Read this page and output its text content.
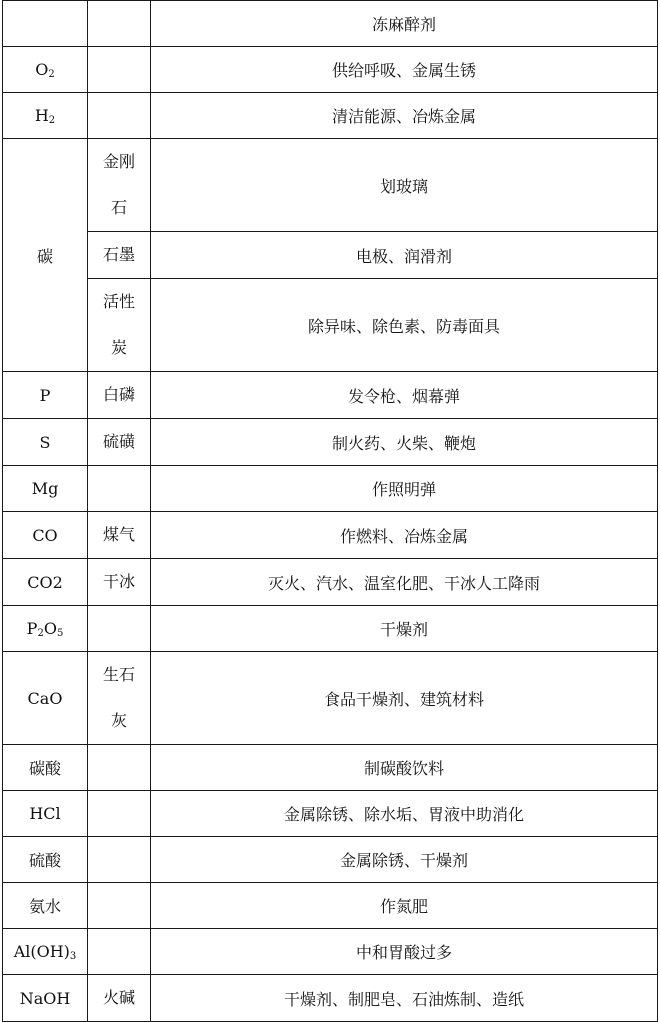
		冻麻醉剂
$O_2$		供给呼吸、金属生锈
$H_2$		清洁能源、冶炼金属
碳	金刚石	划玻璃
	石墨	电极、润滑剂
	活性炭	除异味、除色素、防毒面具
P	白磷	发令枪、烟幕弹
S	硫磺	制火药、火柴、鞭炮
Mg		作照明弹
CO	煤气	作燃料、冶炼金属
CO2	干冰	灭火、汽水、温室化肥、干冰人工降雨
$P_2O_5$		干燥剂
CaO	生石灰	食品干燥剂、建筑材料
碳酸		制碳酸饮料
HCl		金属除锈、除水垢、胃液中助消化
硫酸		金属除锈、干燥剂
氨水		作氮肥
$Al(OH)_3$		中和胃酸过多
NaOH	火碱	干燥剂、制肥皂、石油炼制、造纸
